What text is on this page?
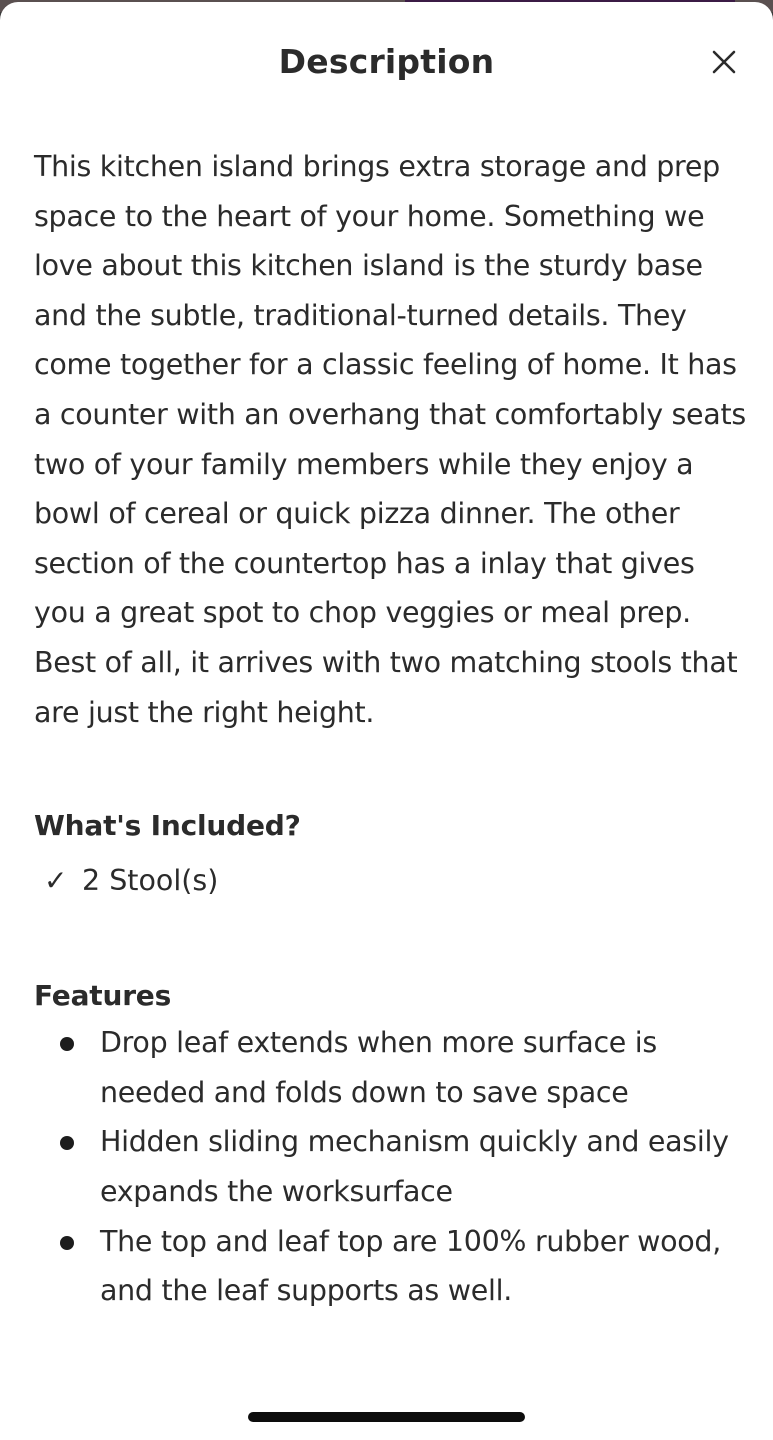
Description

This kitchen island brings extra storage and prep space to the heart of your home. Something we love about this kitchen island is the sturdy base and the subtle, traditional-turned details. They come together for a classic feeling of home. It has a counter with an overhang that comfortably seats two of your family members while they enjoy a bowl of cereal or quick pizza dinner. The other section of the countertop has a inlay that gives you a great spot to chop veggies or meal prep. Best of all, it arrives with two matching stools that are just the right height.

What's Included?
✓ 2 Stool(s)
Features
Drop leaf extends when more surface is needed and folds down to save space
Hidden sliding mechanism quickly and easily expands the worksurface
The top and leaf top are 100% rubber wood, and the leaf supports as well.
